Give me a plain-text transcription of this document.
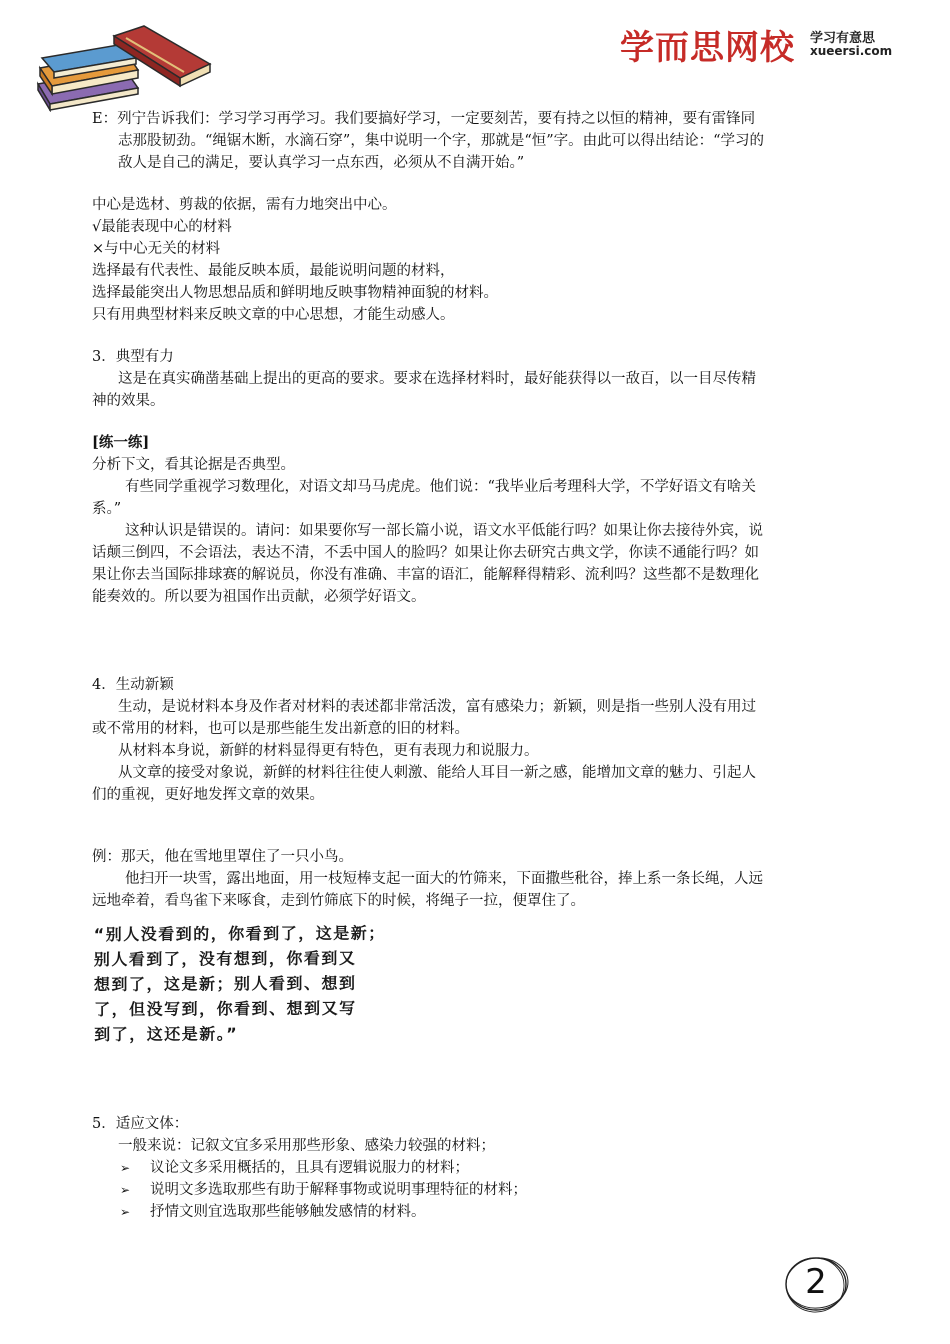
学而思网校 学习有意思
xueersi.com
E：列宁告诉我们：学习学习再学习。我们要搞好学习，一定要刻苦，要有持之以恒的精神，要有雷锋同
志那股韧劲。“绳锯木断，水滴石穿”，集中说明一个字，那就是“恒”字。由此可以得出结论：“学习的
敌人是自己的满足，要认真学习一点东西，必须从不自满开始。”
中心是选材、剪裁的依据，需有力地突出中心。
√最能表现中心的材料
×与中心无关的材料
选择最有代表性、最能反映本质，最能说明问题的材料，
选择最能突出人物思想品质和鲜明地反映事物精神面貌的材料。
只有用典型材料来反映文章的中心思想，才能生动感人。
3．典型有力
这是在真实确凿基础上提出的更高的要求。要求在选择材料时，最好能获得以一敌百，以一目尽传精
神的效果。
[练一练]
分析下文，看其论据是否典型。
有些同学重视学习数理化，对语文却马马虎虎。他们说：“我毕业后考理科大学，不学好语文有啥关
系。”
这种认识是错误的。请问：如果要你写一部长篇小说，语文水平低能行吗？如果让你去接待外宾，说
话颠三倒四，不会语法，表达不清，不丢中国人的脸吗？如果让你去研究古典文学，你读不通能行吗？如
果让你去当国际排球赛的解说员，你没有准确、丰富的语汇，能解释得精彩、流利吗？这些都不是数理化
能奏效的。所以要为祖国作出贡献，必须学好语文。
4．生动新颖
生动，是说材料本身及作者对材料的表述都非常活泼，富有感染力；新颖，则是指一些别人没有用过
或不常用的材料，也可以是那些能生发出新意的旧的材料。
从材料本身说，新鲜的材料显得更有特色，更有表现力和说服力。
从文章的接受对象说，新鲜的材料往往使人刺激、能给人耳目一新之感，能增加文章的魅力、引起人
们的重视，更好地发挥文章的效果。
例：那天，他在雪地里罩住了一只小鸟。
他扫开一块雪，露出地面，用一枝短棒支起一面大的竹筛来，下面撒些秕谷，捧上系一条长绳，人远
远地牵着，看鸟雀下来啄食，走到竹筛底下的时候，将绳子一拉，便罩住了。
“别人没看到的，你看到了，这是新；
别人看到了，没有想到，你看到又
想到了，这是新；别人看到、想到
了，但没写到，你看到、想到又写
到了，这还是新。”
5．适应文体：
一般来说：记叙文宜多采用那些形象、感染力较强的材料；
➢ 议论文多采用概括的，且具有逻辑说服力的材料；
➢ 说明文多选取那些有助于解释事物或说明事理特征的材料；
➢ 抒情文则宜选取那些能够触发感情的材料。
2
